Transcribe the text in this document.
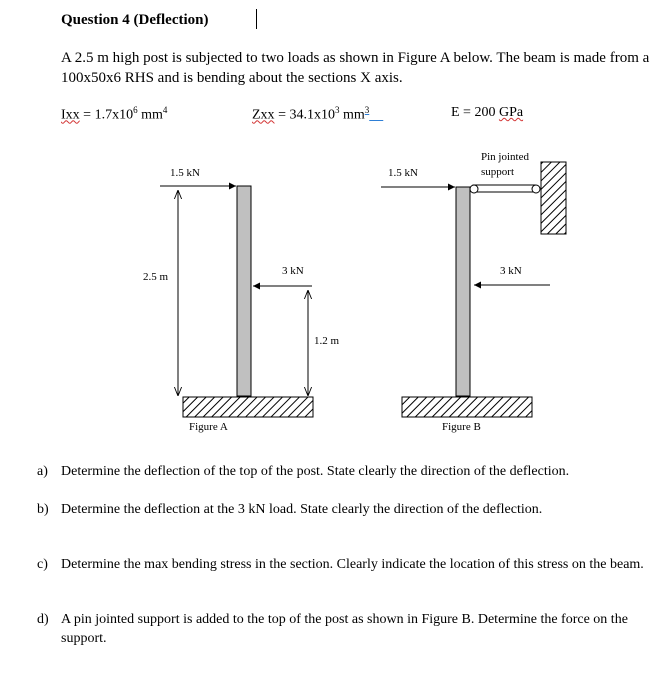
Question 4 (Deflection)
A 2.5 m high post is subjected to two loads as shown in Figure A below. The beam is made from a 100x50x6 RHS and is bending about the sections X axis.
Ixx = $1.7x10^6$ $mm^4$	Zxx = $34.1x10^3$ $mm^3$	E = 200 GPa
1.5 kN
3 kN
2.5 m
1.2 m
Figure A
1.5 kN
3 kN
Pin jointed
support
Figure B
a) Determine the deflection of the top of the post. State clearly the direction of the deflection.
b) Determine the deflection at the 3 kN load. State clearly the direction of the deflection.
c) Determine the max bending stress in the section. Clearly indicate the location of this stress on the beam.
d) A pin jointed support is added to the top of the post as shown in Figure B. Determine the force on the support.
